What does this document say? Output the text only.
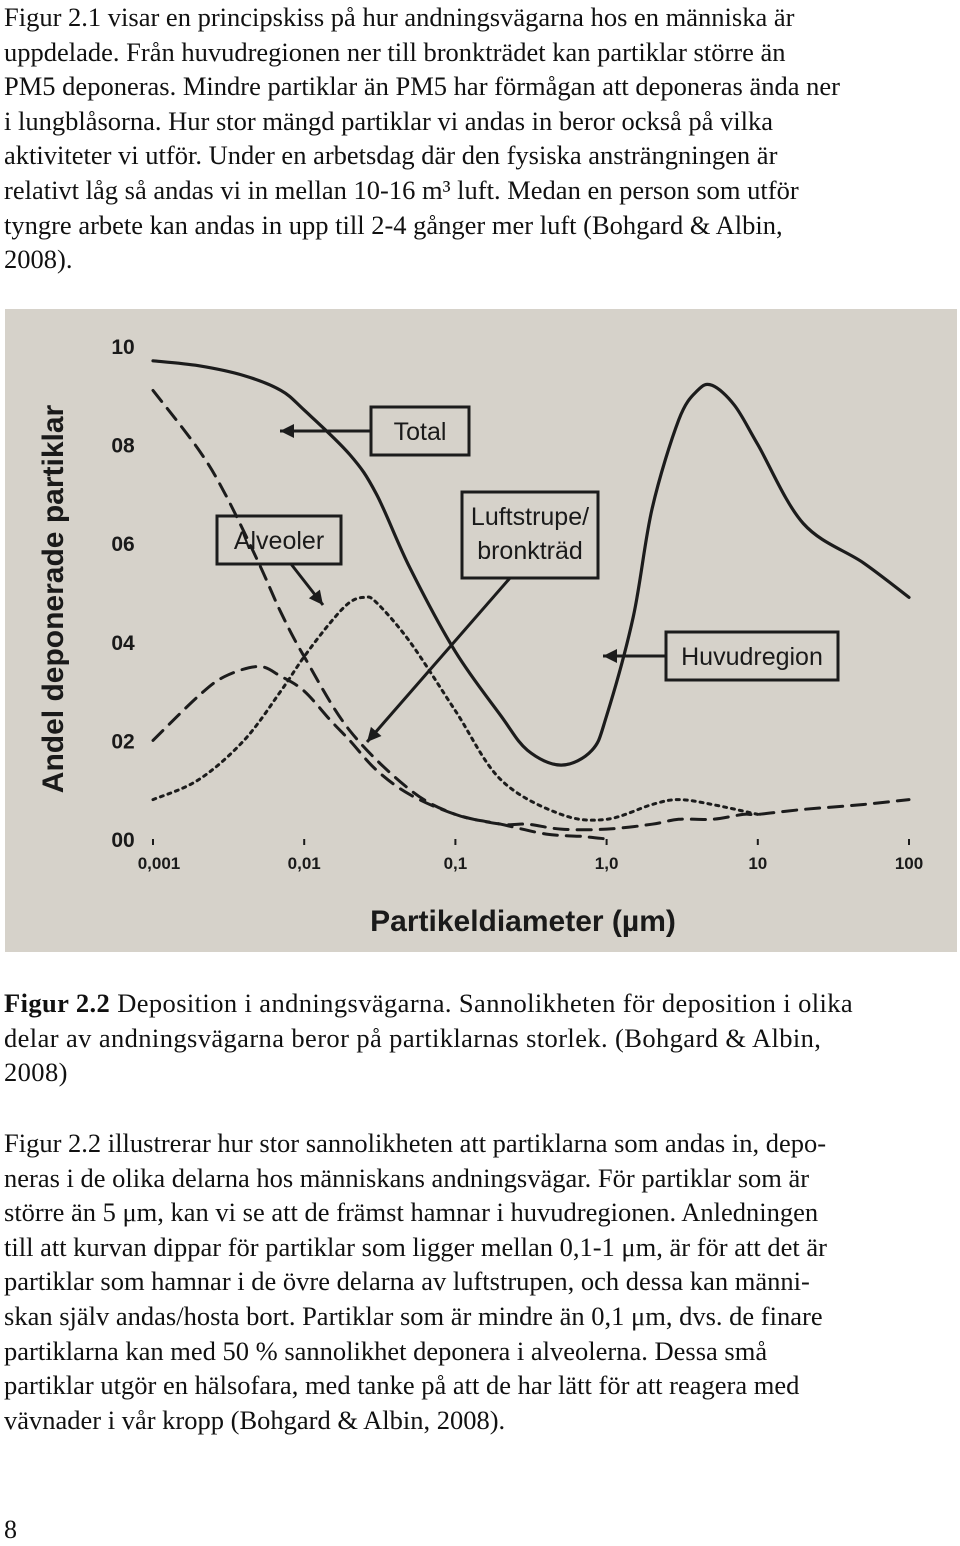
Figur 2.1 visar en principskiss på hur andningsvägarna hos en människa är
uppdelade. Från huvudregionen ner till bronkträdet kan partiklar större än
PM5 deponeras. Mindre partiklar än PM5 har förmågan att deponeras ända ner
i lungblåsorna. Hur stor mängd partiklar vi andas in beror också på vilka
aktiviteter vi utför. Under en arbetsdag där den fysiska ansträngningen är
relativt låg så andas vi in mellan 10-16 m³ luft. Medan en person som utför
tyngre arbete kan andas in upp till 2-4 gånger mer luft (Bohgard & Albin,
2008).
0,001	0,01	0,1	1,0	10	100
00
02
04
06
08
10
Partikeldiameter (µm)
Andel deponerade partiklar	Total
Alveoler
Luftstrupe/
bronkträd
Huvudregion
Figur 2.2 Deposition i andningsvägarna. Sannolikheten för deposition i olika
delar av andningsvägarna beror på partiklarnas storlek. (Bohgard & Albin,
2008)
Figur 2.2 illustrerar hur stor sannolikheten att partiklarna som andas in, depo-
neras i de olika delarna hos människans andningsvägar. För partiklar som är
större än 5 μm, kan vi se att de främst hamnar i huvudregionen. Anledningen
till att kurvan dippar för partiklar som ligger mellan 0,1-1 μm, är för att det är
partiklar som hamnar i de övre delarna av luftstrupen, och dessa kan männi-
skan själv andas/hosta bort. Partiklar som är mindre än 0,1 μm, dvs. de finare
partiklarna kan med 50 % sannolikhet deponera i alveolerna. Dessa små
partiklar utgör en hälsofara, med tanke på att de har lätt för att reagera med
vävnader i vår kropp (Bohgard & Albin, 2008).
8
